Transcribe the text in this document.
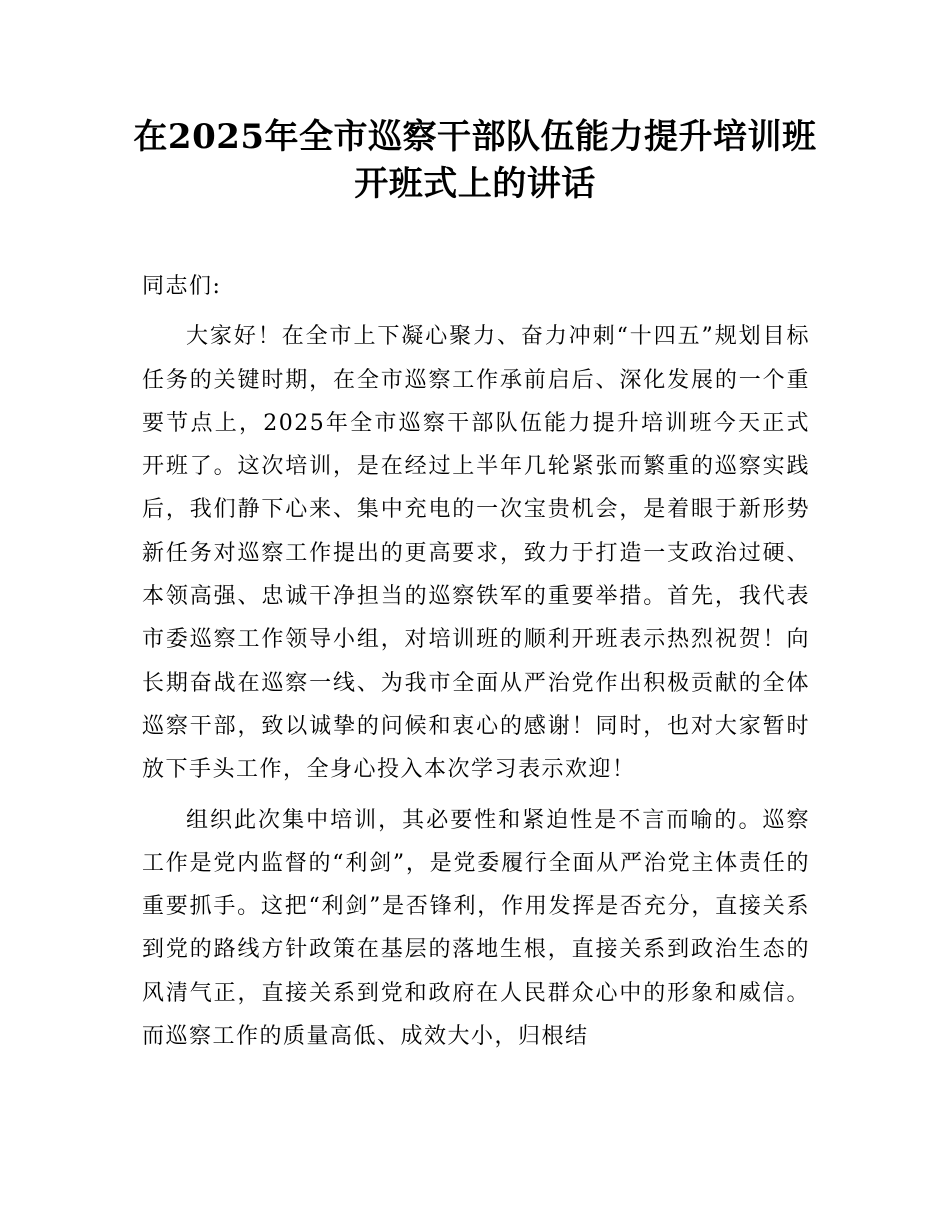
在2025年全市巡察干部队伍能力提升培训班
开班式上的讲话

同志们:

大家好！在全市上下凝心聚力、奋力冲刺“十四五”规划目标任务的关键时期，在全市巡察工作承前启后、深化发展的一个重要节点上，2025年全市巡察干部队伍能力提升培训班今天正式开班了。这次培训，是在经过上半年几轮紧张而繁重的巡察实践后，我们静下心来、集中充电的一次宝贵机会，是着眼于新形势新任务对巡察工作提出的更高要求，致力于打造一支政治过硬、本领高强、忠诚干净担当的巡察铁军的重要举措。首先，我代表市委巡察工作领导小组，对培训班的顺利开班表示热烈祝贺！向长期奋战在巡察一线、为我市全面从严治党作出积极贡献的全体巡察干部，致以诚挚的问候和衷心的感谢！同时，也对大家暂时放下手头工作，全身心投入本次学习表示欢迎！

组织此次集中培训，其必要性和紧迫性是不言而喻的。巡察工作是党内监督的“利剑”，是党委履行全面从严治党主体责任的重要抓手。这把“利剑”是否锋利，作用发挥是否充分，直接关系到党的路线方针政策在基层的落地生根，直接关系到政治生态的风清气正，直接关系到党和政府在人民群众心中的形象和威信。而巡察工作的质量高低、成效大小，归根结
